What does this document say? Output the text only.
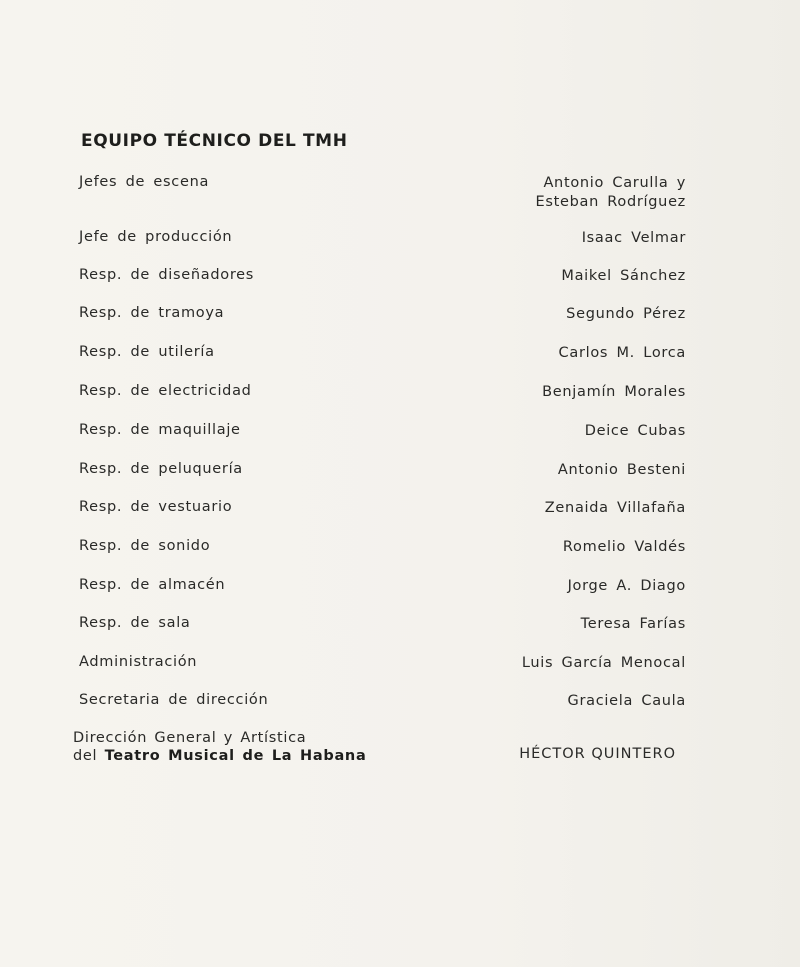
EQUIPO TÉCNICO DEL TMH
Jefes de escena	Antonio Carulla y
Esteban Rodríguez
Jefe de producción	Isaac Velmar
Resp. de diseñadores	Maikel Sánchez
Resp. de tramoya	Segundo Pérez
Resp. de utilería	Carlos M. Lorca
Resp. de electricidad	Benjamín Morales
Resp. de maquillaje	Deice Cubas
Resp. de peluquería	Antonio Besteni
Resp. de vestuario	Zenaida Villafaña
Resp. de sonido	Romelio Valdés
Resp. de almacén	Jorge A. Diago
Resp. de sala	Teresa Farías
Administración	Luis García Menocal
Secretaria de dirección	Graciela Caula
Dirección General y Artística
del Teatro Musical de La Habana	HÉCTOR QUINTERO
